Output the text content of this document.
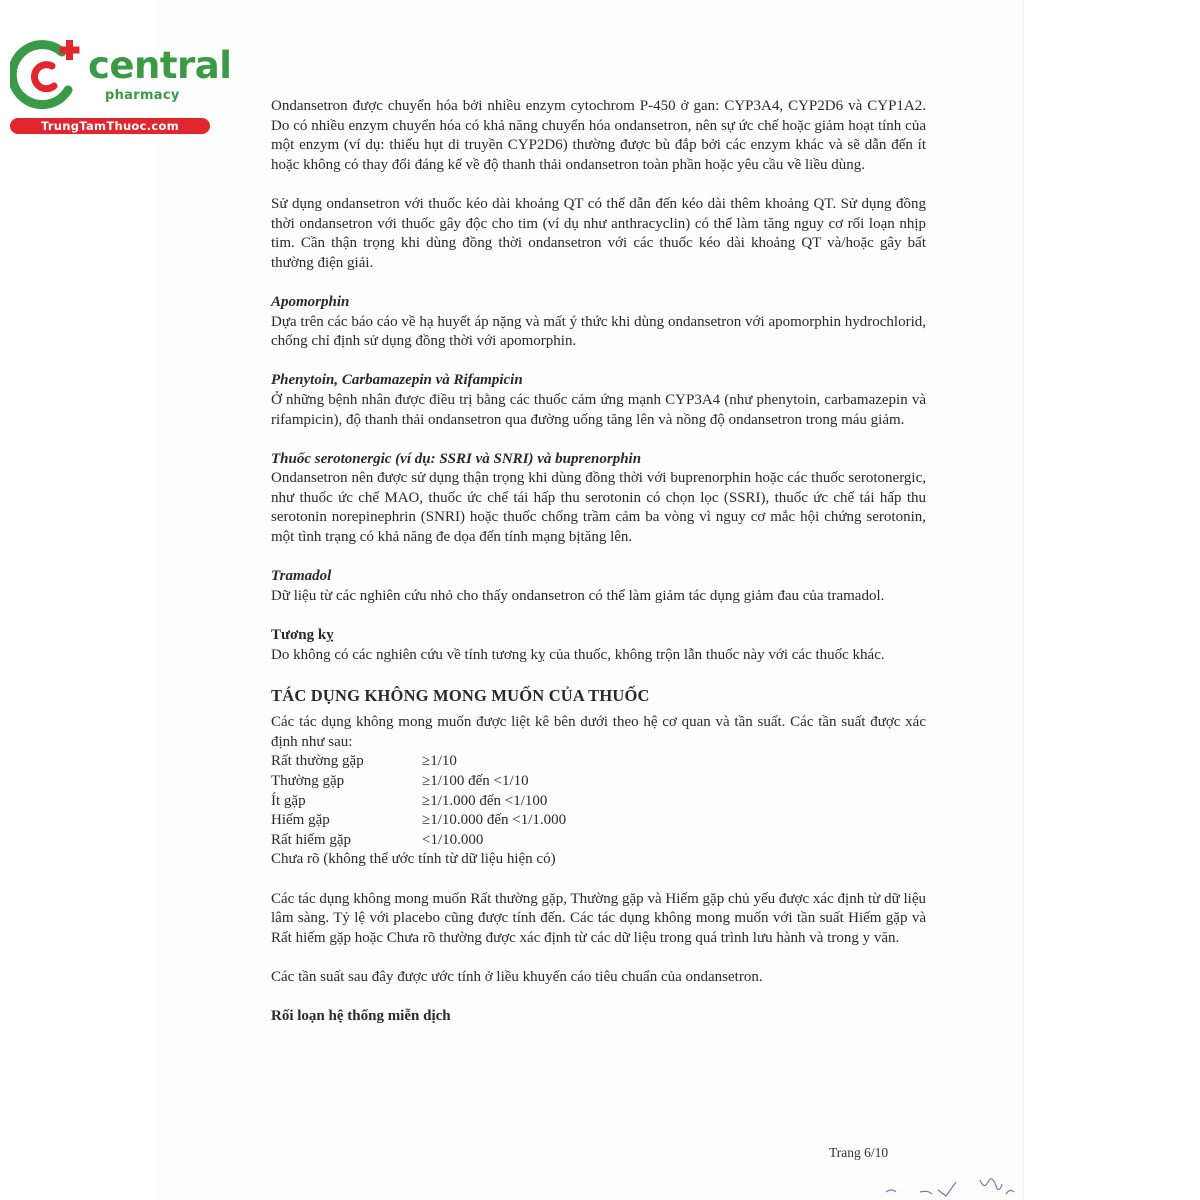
central
pharmacy
TrungTamThuoc.com

Ondansetron được chuyển hóa bởi nhiều enzym cytochrom P-450 ở gan: CYP3A4, CYP2D6 và CYP1A2. Do có nhiều enzym chuyển hóa có khả năng chuyển hóa ondansetron, nên sự ức chế hoặc giảm hoạt tính của một enzym (ví dụ: thiếu hụt di truyền CYP2D6) thường được bù đắp bởi các enzym khác và sẽ dẫn đến ít hoặc không có thay đổi đáng kể về độ thanh thải ondansetron toàn phần hoặc yêu cầu về liều dùng.

Sử dụng ondansetron với thuốc kéo dài khoảng QT có thể dẫn đến kéo dài thêm khoảng QT. Sử dụng đồng thời ondansetron với thuốc gây độc cho tim (ví dụ như anthracyclin) có thể làm tăng nguy cơ rối loạn nhịp tim. Cần thận trọng khi dùng đồng thời ondansetron với các thuốc kéo dài khoảng QT và/hoặc gây bất thường điện giải.

Apomorphin

Dựa trên các báo cáo về hạ huyết áp nặng và mất ý thức khi dùng ondansetron với apomorphin hydrochlorid, chống chỉ định sử dụng đồng thời với apomorphin.

Phenytoin, Carbamazepin và Rifampicin

Ở những bệnh nhân được điều trị bằng các thuốc cảm ứng mạnh CYP3A4 (như phenytoin, carbamazepin và rifampicin), độ thanh thải ondansetron qua đường uống tăng lên và nồng độ ondansetron trong máu giảm.

Thuốc serotonergic (ví dụ: SSRI và SNRI) và buprenorphin

Ondansetron nên được sử dụng thận trọng khi dùng đồng thời với buprenorphin hoặc các thuốc serotonergic, như thuốc ức chế MAO, thuốc ức chế tái hấp thu serotonin có chọn lọc (SSRI), thuốc ức chế tái hấp thu serotonin norepinephrin (SNRI) hoặc thuốc chống trầm cảm ba vòng vì nguy cơ mắc hội chứng serotonin, một tình trạng có khả năng đe dọa đến tính mạng bịtăng lên.

Tramadol

Dữ liệu từ các nghiên cứu nhỏ cho thấy ondansetron có thể làm giảm tác dụng giảm đau của tramadol.

Tương kỵ

Do không có các nghiên cứu về tính tương kỵ của thuốc, không trộn lẫn thuốc này với các thuốc khác.

TÁC DỤNG KHÔNG MONG MUỐN CỦA THUỐC

Các tác dụng không mong muốn được liệt kê bên dưới theo hệ cơ quan và tần suất. Các tần suất được xác định như sau:

Rất thường gặp	≥1/10
Thường gặp	≥1/100 đến <1/10
Ít gặp	≥1/1.000 đến <1/100
Hiếm gặp	≥1/10.000 đến <1/1.000
Rất hiếm gặp	<1/10.000

Chưa rõ (không thể ước tính từ dữ liệu hiện có)

Các tác dụng không mong muốn Rất thường gặp, Thường gặp và Hiếm gặp chủ yếu được xác định từ dữ liệu lâm sàng. Tỷ lệ với placebo cũng được tính đến. Các tác dụng không mong muốn với tần suất Hiếm gặp và Rất hiếm gặp hoặc Chưa rõ thường được xác định từ các dữ liệu trong quá trình lưu hành và trong y văn.

Các tần suất sau đây được ước tính ở liều khuyến cáo tiêu chuẩn của ondansetron.

Rối loạn hệ thống miễn dịch

Trang 6/10
